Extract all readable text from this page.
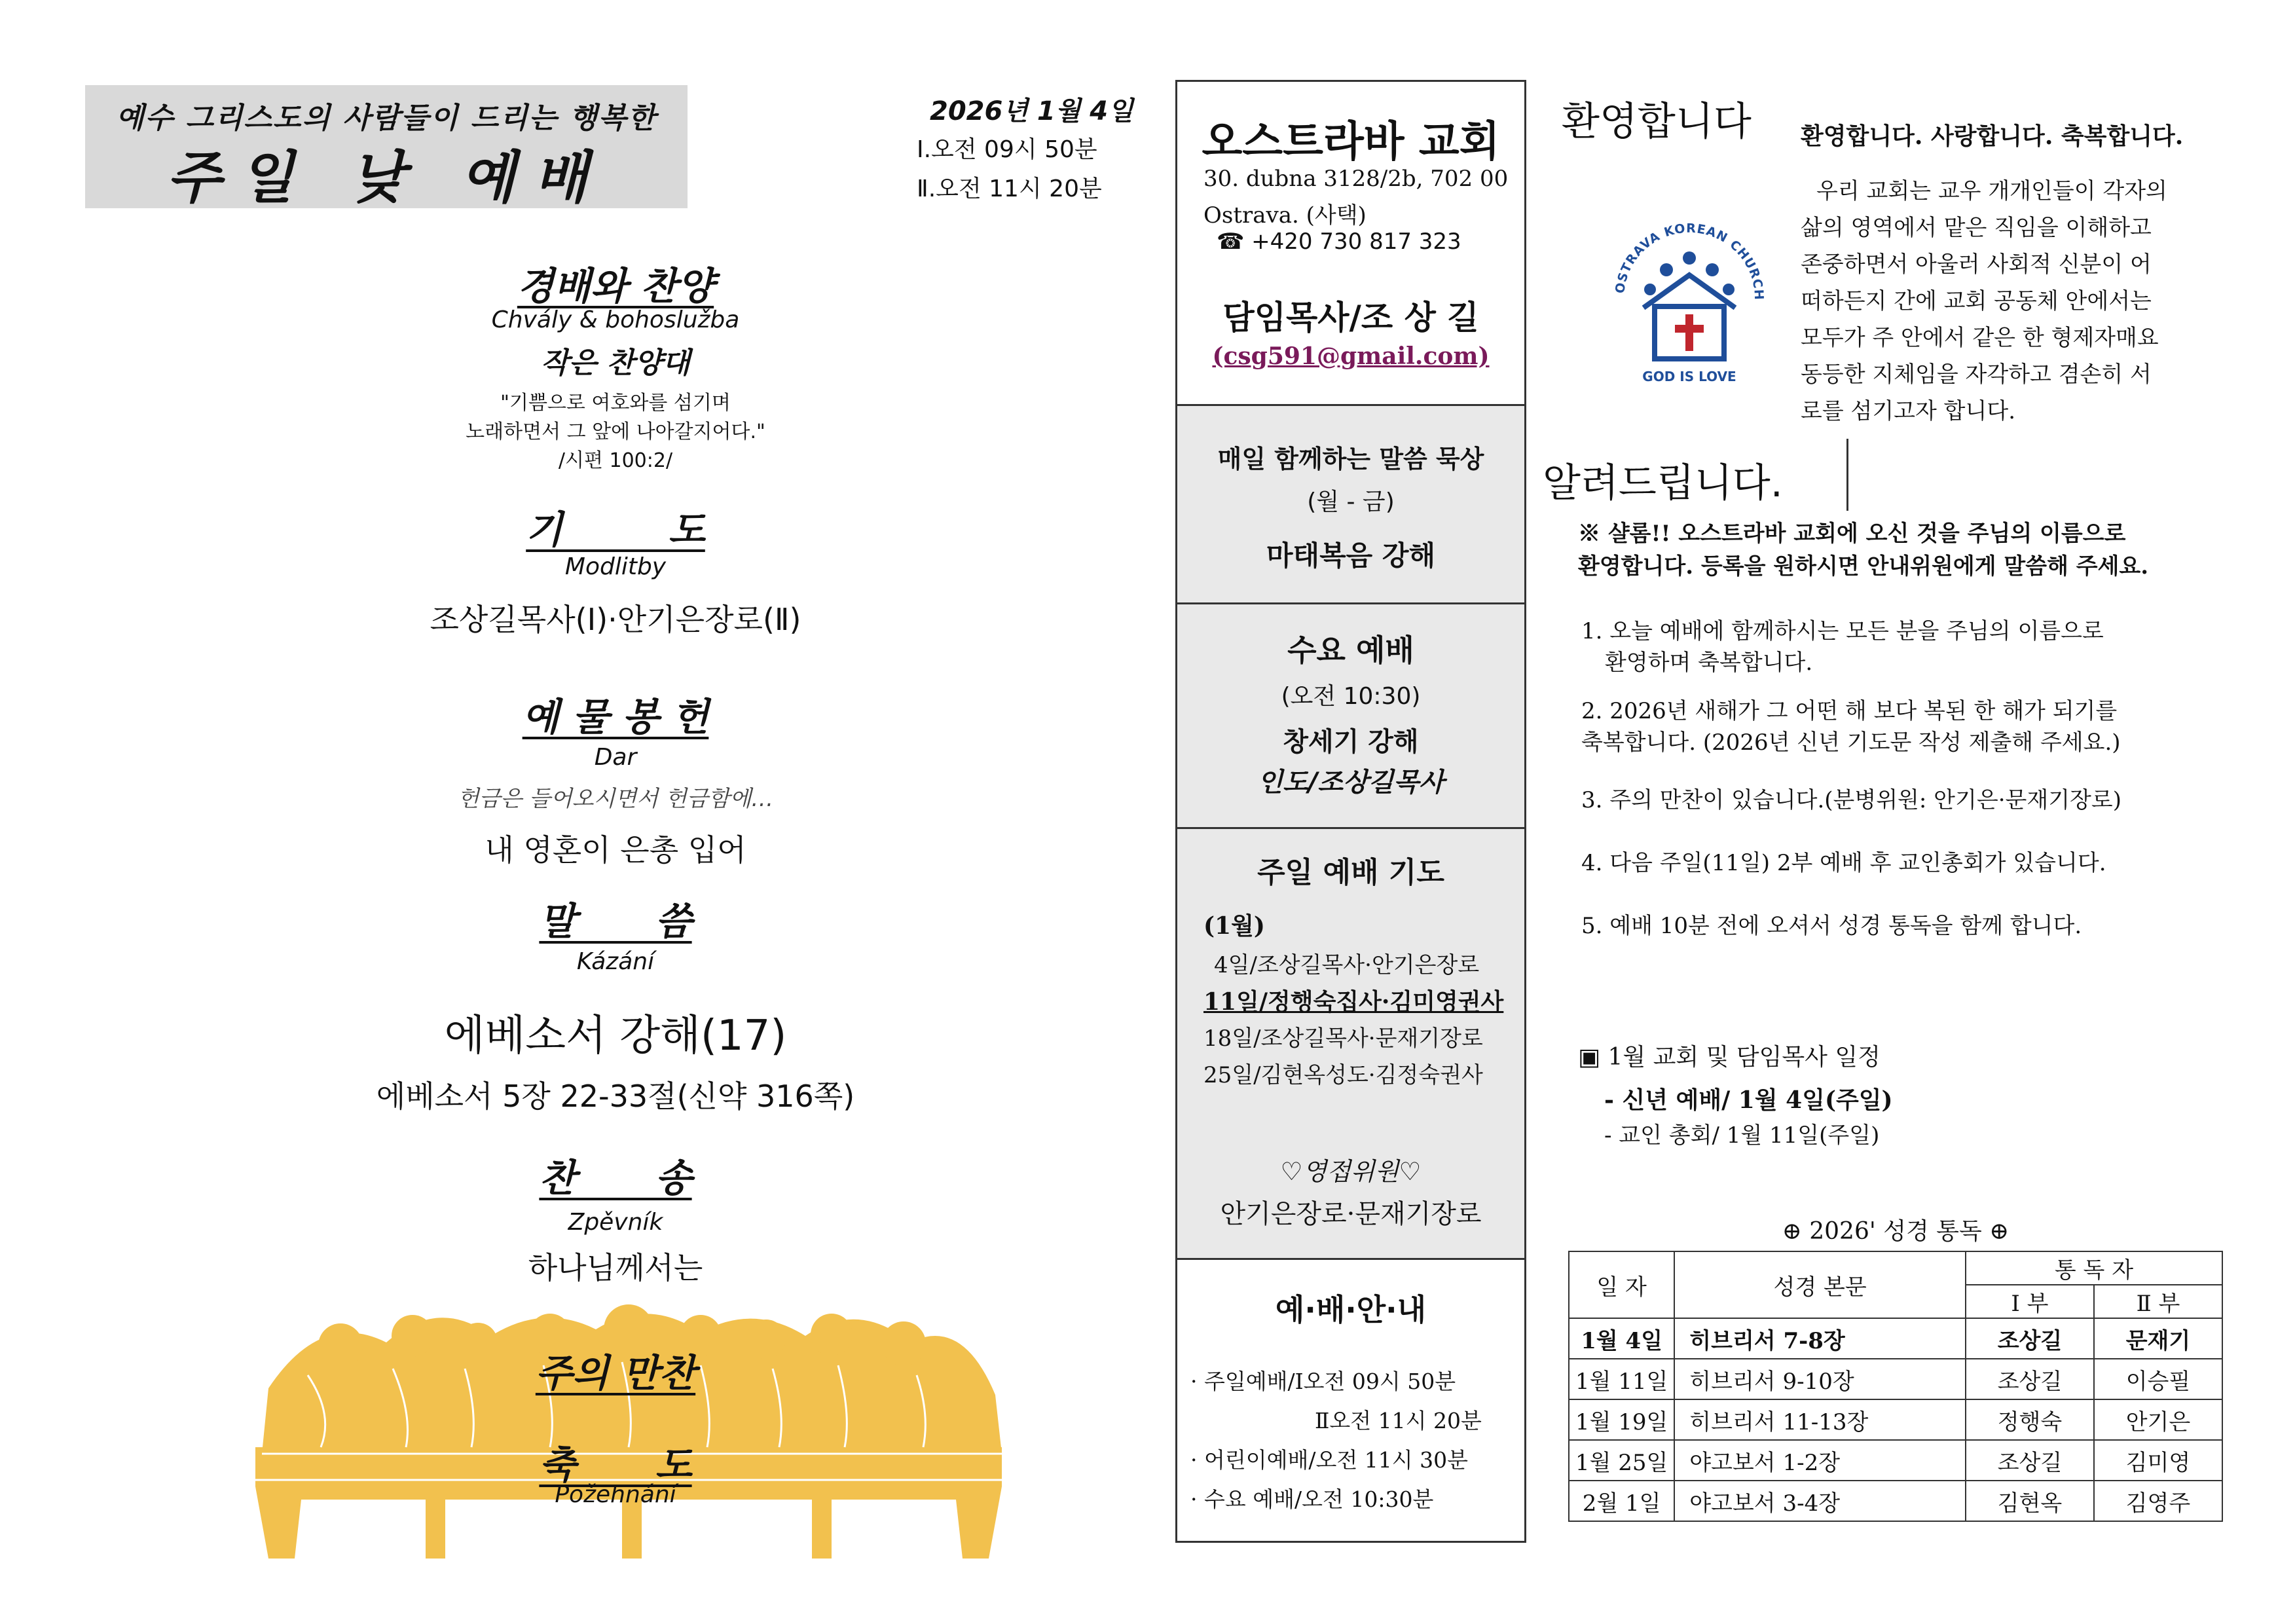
예수 그리스도의 사람들이 드리는 행복한
주일 낮 예배
2026년 1월 4일
Ⅰ.오전 09시 50분
Ⅱ.오전 11시 20분
경배와 찬양
Chvály & bohoslužba
작은 찬양대
"기쁨으로 여호와를 섬기며
노래하면서 그 앞에 나아갈지어다."
/시편 100:2/
기        도
Modlitby
조상길목사(Ⅰ)·안기은장로(Ⅱ)
예 물 봉 헌
Dar
헌금은 들어오시면서 헌금함에…
내 영혼이 은총 입어
말      씀
Kázání
에베소서 강해(17)
에베소서 5장 22-33절(신약 316쪽)
찬      송
Zpěvník
하나님께서는
주의 만찬
축      도
Požehnání
오스트라바 교회
30. dubna 3128/2b, 702 00
Ostrava. (사택)
☎ +420 730 817 323
담임목사/조 상 길
(csg591@gmail.com)
매일 함께하는 말씀 묵상
(월 - 금)
마태복음 강해
수요 예배
(오전 10:30)
창세기 강해
인도/조상길목사
주일 예배 기도
(1월)
4일/조상길목사·안기은장로
11일/정행숙집사·김미영권사
18일/조상길목사·문재기장로
25일/김현옥성도·김정숙권사
♡영접위원♡
안기은장로·문재기장로
예·배·안·내
· 주일예배/Ⅰ오전 09시 50분
Ⅱ오전 11시 20분
· 어린이예배/오전 11시 30분
· 수요 예배/오전 10:30분
환영합니다 환영합니다. 사랑합니다. 축복합니다.
OSTRAVA KOREAN CHURCH
GOD IS LOVE
우리 교회는 교우 개개인들이 각자의
삶의 영역에서 맡은 직임을 이해하고
존중하면서 아울러 사회적 신분이 어
떠하든지 간에 교회 공동체 안에서는
모두가 주 안에서 같은 한 형제자매요
동등한 지체임을 자각하고 겸손히 서
로를 섬기고자 합니다.
알려드립니다.
※ 샬롬!! 오스트라바 교회에 오신 것을 주님의 이름으로
환영합니다. 등록을 원하시면 안내위원에게 말씀해 주세요.
1. 오늘 예배에 함께하시는 모든 분을 주님의 이름으로
환영하며 축복합니다.
2. 2026년 새해가 그 어떤 해 보다 복된 한 해가 되기를
축복합니다. (2026년 신년 기도문 작성 제출해 주세요.)
3. 주의 만찬이 있습니다.(분병위원: 안기은·문재기장로)
4. 다음 주일(11일) 2부 예배 후 교인총회가 있습니다.
5. 예배 10분 전에 오셔서 성경 통독을 함께 합니다.
▣ 1월 교회 및 담임목사 일정
- 신년 예배/ 1월 4일(주일)
- 교인 총회/ 1월 11일(주일)
⊕ 2026' 성경 통독 ⊕
일 자	성경 본문	통 독 자	
		Ⅰ 부	Ⅱ 부
1월 4일	히브리서 7-8장	조상길	문재기
1월 11일	히브리서 9-10장	조상길	이승필
1월 19일	히브리서 11-13장	정행숙	안기은
1월 25일	야고보서 1-2장	조상길	김미영
2월 1일	야고보서 3-4장	김현옥	김영주
